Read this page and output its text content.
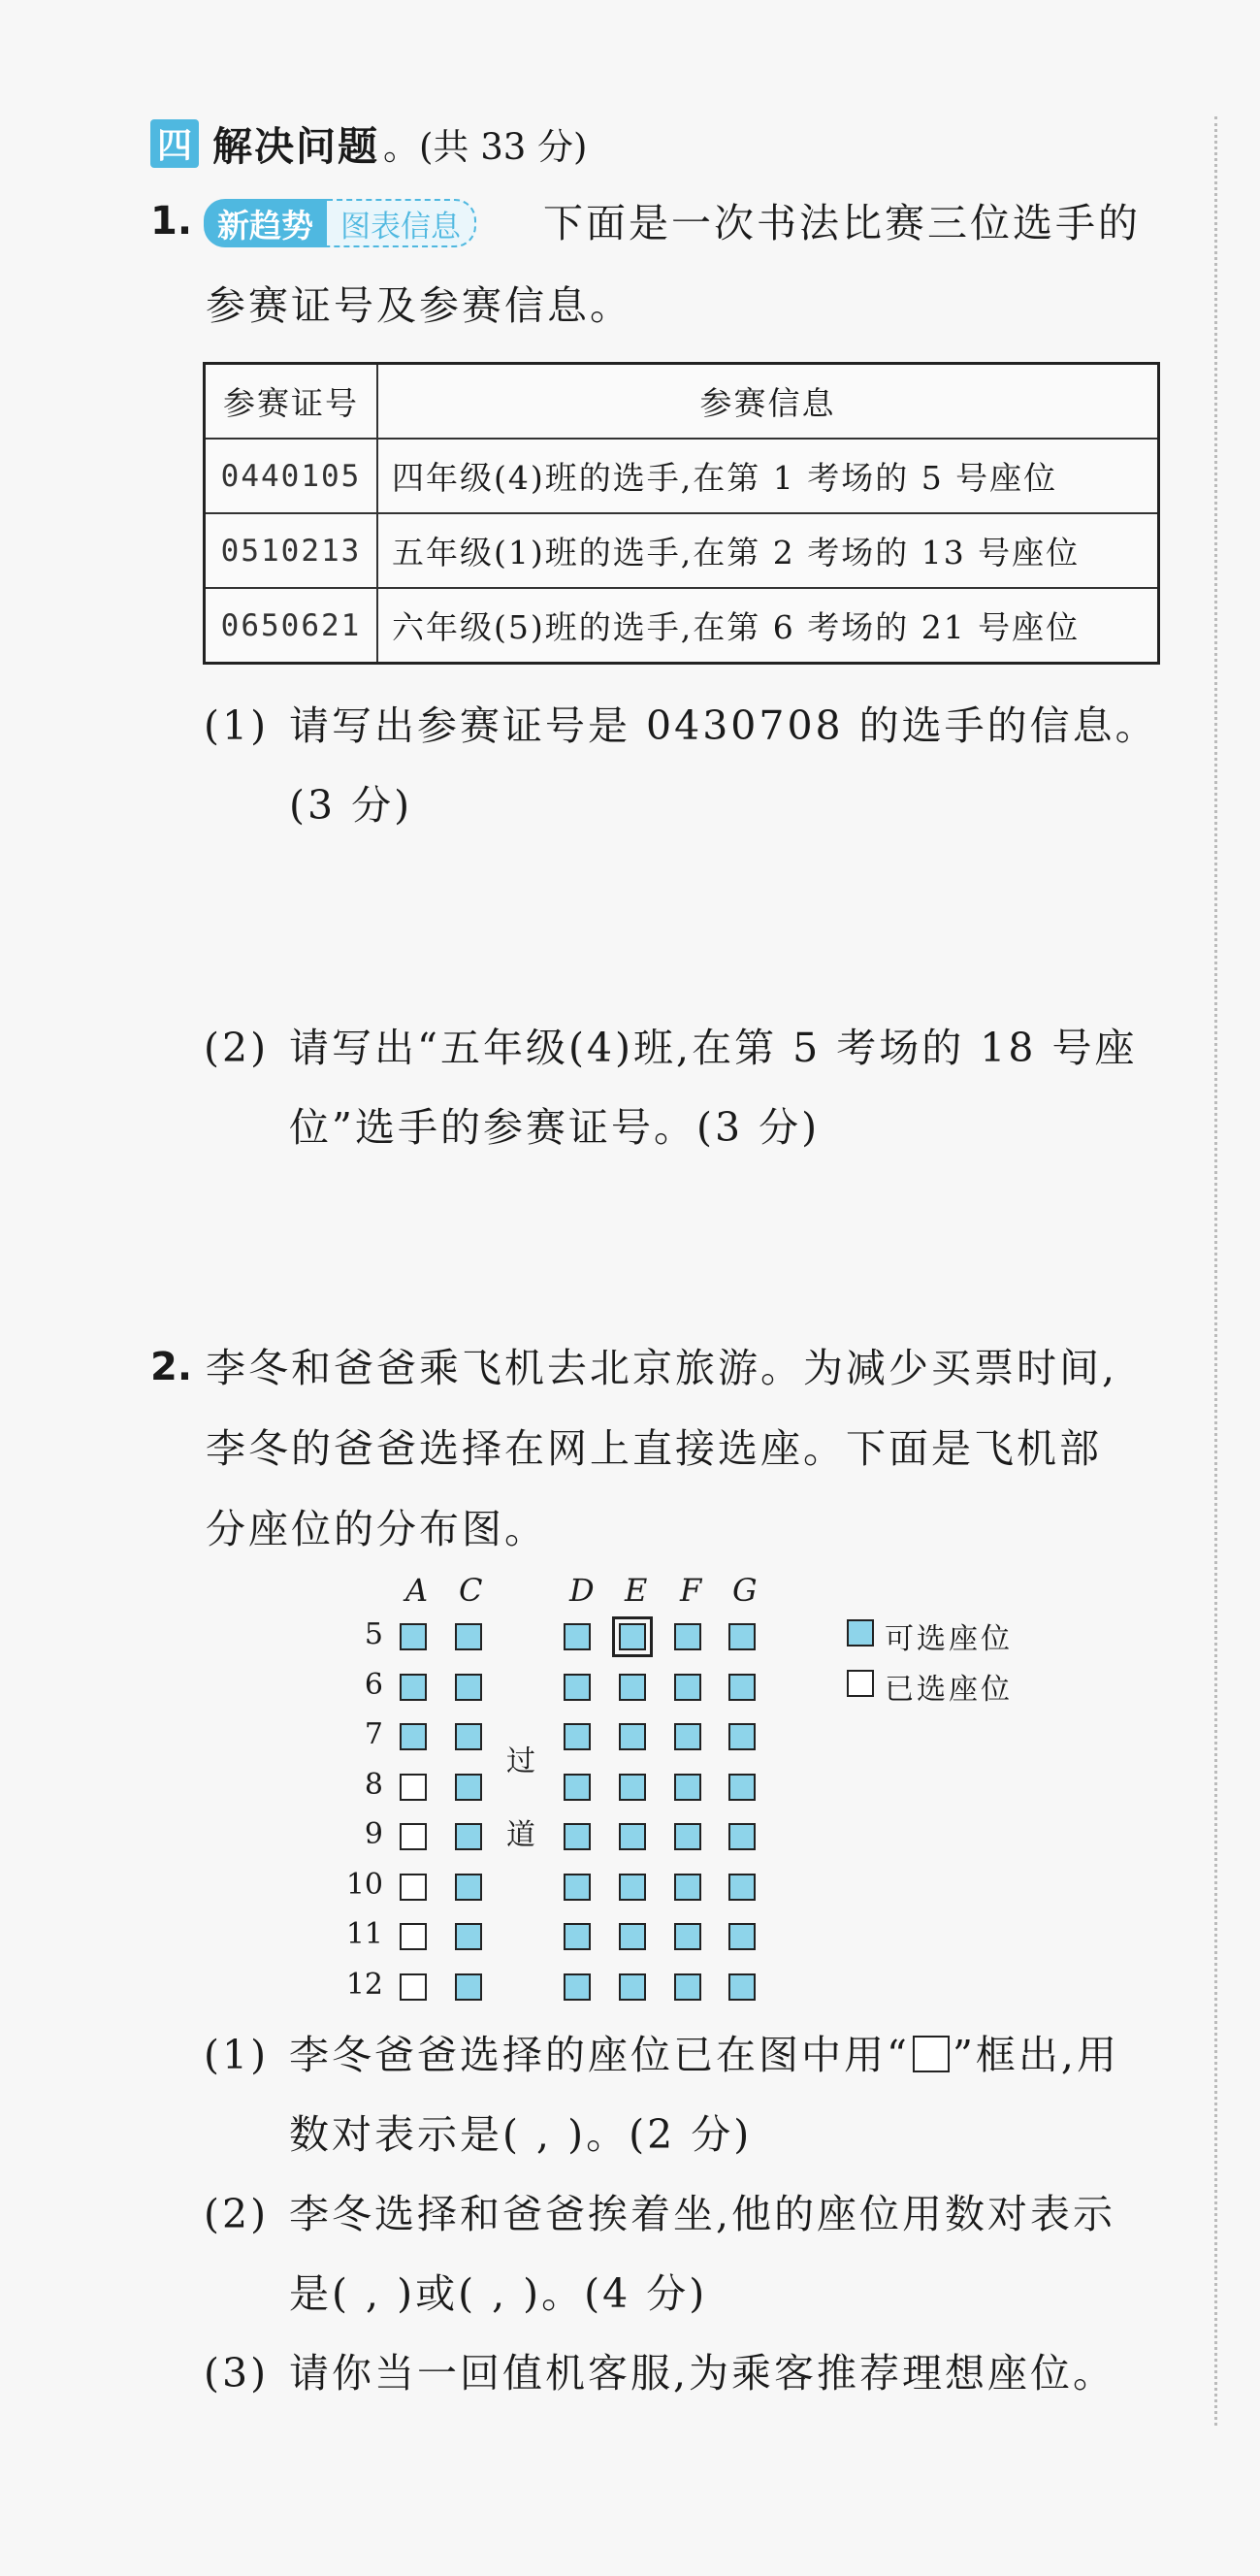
四 解决问题 。(共 33 分)
1. 新趋势 图表信息	下面是一次书法比赛三位选手的
参赛证号及参赛信息。
参赛证号	参赛信息
0440105	四年级(4)班的选手,在第 1 考场的 5 号座位
0510213	五年级(1)班的选手,在第 2 考场的 13 号座位
0650621	六年级(5)班的选手,在第 6 考场的 21 号座位
(1) 请写出参赛证号是 0430708 的选手的信息。
(3 分)
(2) 请写出“五年级(4)班,在第 5 考场的 18 号座
位”选手的参赛证号。(3 分)
2. 李冬和爸爸乘飞机去北京旅游。为减少买票时间,
李冬的爸爸选择在网上直接选座。下面是飞机部
分座位的分布图。
A C	D E F G
过
道
5
6
7
8
9
10
11
12
可选座位
已选座位
(1) 李冬爸爸选择的座位已在图中用“ ”框出,用
数对表示是( , )。(2 分)
(2) 李冬选择和爸爸挨着坐,他的座位用数对表示
是( , )或( , )。(4 分)
(3) 请你当一回值机客服,为乘客推荐理想座位。
